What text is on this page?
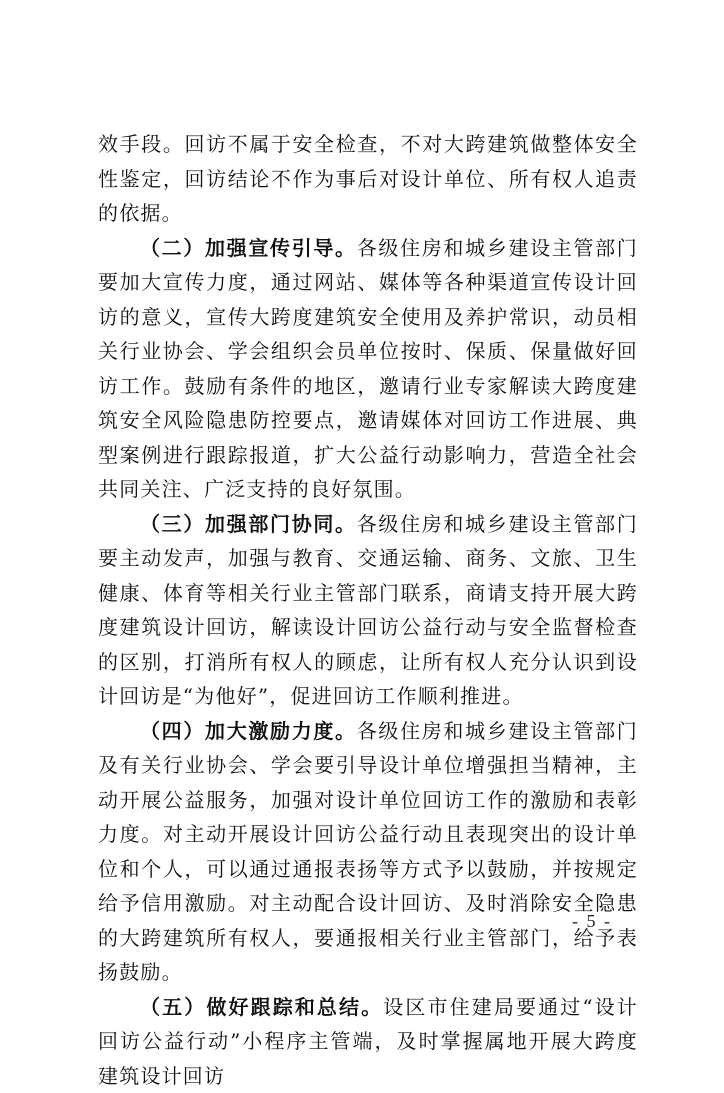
效手段。回访不属于安全检查，不对大跨建筑做整体安全性鉴定，回访结论不作为事后对设计单位、所有权人追责的依据。

（二）加强宣传引导。各级住房和城乡建设主管部门要加大宣传力度，通过网站、媒体等各种渠道宣传设计回访的意义，宣传大跨度建筑安全使用及养护常识，动员相关行业协会、学会组织会员单位按时、保质、保量做好回访工作。鼓励有条件的地区，邀请行业专家解读大跨度建筑安全风险隐患防控要点，邀请媒体对回访工作进展、典型案例进行跟踪报道，扩大公益行动影响力，营造全社会共同关注、广泛支持的良好氛围。

（三）加强部门协同。各级住房和城乡建设主管部门要主动发声，加强与教育、交通运输、商务、文旅、卫生健康、体育等相关行业主管部门联系，商请支持开展大跨度建筑设计回访，解读设计回访公益行动与安全监督检查的区别，打消所有权人的顾虑，让所有权人充分认识到设计回访是“为他好”，促进回访工作顺利推进。

（四）加大激励力度。各级住房和城乡建设主管部门及有关行业协会、学会要引导设计单位增强担当精神，主动开展公益服务，加强对设计单位回访工作的激励和表彰力度。对主动开展设计回访公益行动且表现突出的设计单位和个人，可以通过通报表扬等方式予以鼓励，并按规定给予信用激励。对主动配合设计回访、及时消除安全隐患的大跨建筑所有权人，要通报相关行业主管部门，给予表扬鼓励。

（五）做好跟踪和总结。设区市住建局要通过“设计回访公益行动”小程序主管端，及时掌握属地开展大跨度建筑设计回访

- 5 -
